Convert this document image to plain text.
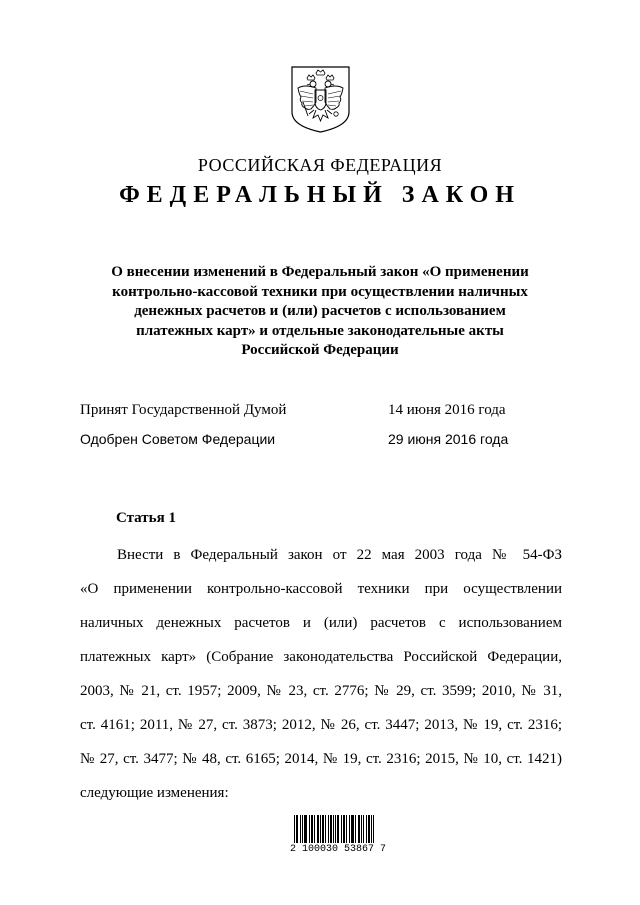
РОССИЙСКАЯ ФЕДЕРАЦИЯ
ФЕДЕРАЛЬНЫЙ ЗАКОН
О внесении изменений в Федеральный закон «О применении
контрольно-кассовой техники при осуществлении наличных
денежных расчетов и (или) расчетов с использованием
платежных карт» и отдельные законодательные акты
Российской Федерации
Принят Государственной Думой	14 июня 2016 года
Одобрен Советом Федерации	29 июня 2016 года
Статья 1
Внести в Федеральный закон от 22 мая 2003 года № 54-ФЗ
«О применении контрольно-кассовой техники при осуществлении
наличных денежных расчетов и (или) расчетов с использованием
платежных карт» (Собрание законодательства Российской Федерации,
2003, № 21, ст. 1957; 2009, № 23, ст. 2776; № 29, ст. 3599; 2010, № 31,
ст. 4161; 2011, № 27, ст. 3873; 2012, № 26, ст. 3447; 2013, № 19, ст. 2316;
№ 27, ст. 3477; № 48, ст. 6165; 2014, № 19, ст. 2316; 2015, № 10, ст. 1421)
следующие изменения:
2 100030 53867 7
